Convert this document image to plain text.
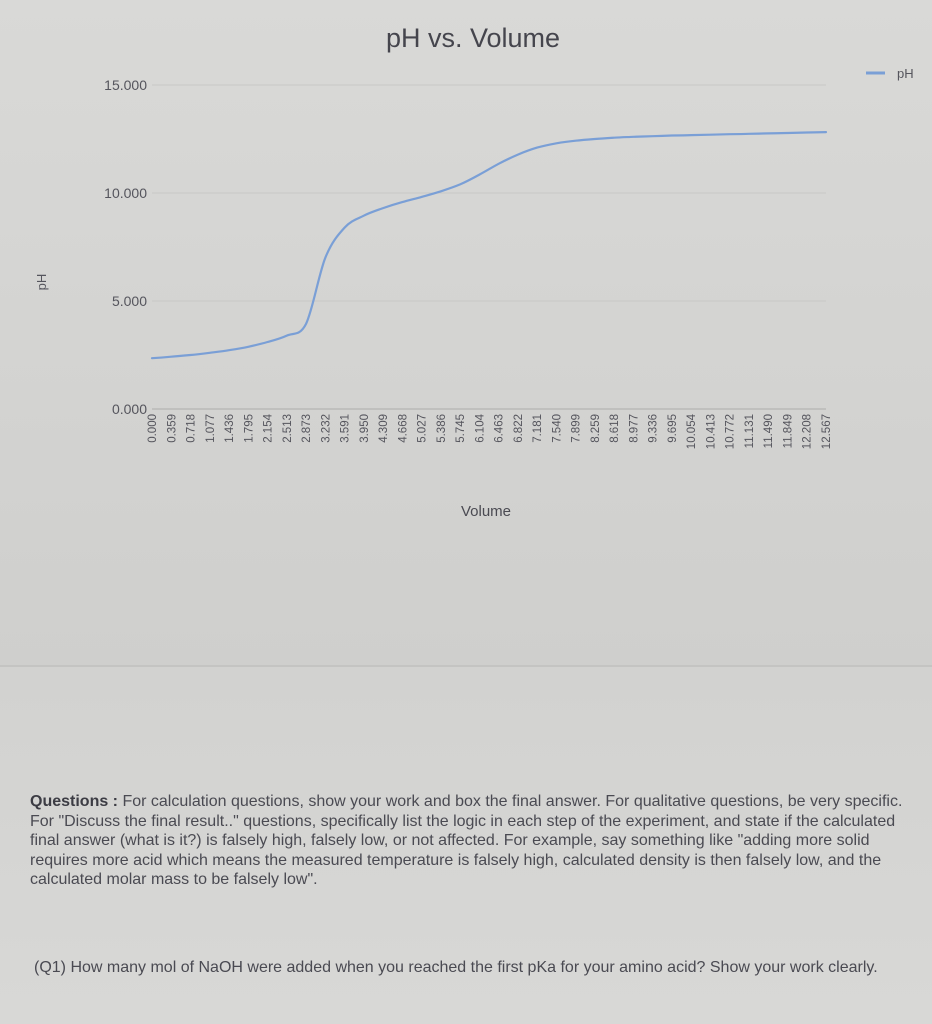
pH vs. Volume
pH
Volume
15.000
10.000
5.000
0.000
0.000 0.359 0.718 1.077 1.436 1.795 2.154 2.513 2.873 3.232 3.591 3.950 4.309 4.668 5.027 5.386 5.745 6.104 6.463 6.822 7.181 7.540 7.899 8.259 8.618 8.977 9.336 9.695 10.054 10.413 10.772 11.131 11.490 11.849 12.208 12.567
pH
Questions : For calculation questions, show your work and box the final answer. For qualitative questions, be very specific. For "Discuss the final result.." questions, specifically list the logic in each step of the experiment, and state if the calculated final answer (what is it?) is falsely high, falsely low, or not affected. For example, say something like "adding more solid requires more acid which means the measured temperature is falsely high, calculated density is then falsely low, and the calculated molar mass to be falsely low".
(Q1) How many mol of NaOH were added when you reached the first pKa for your amino acid? Show your work clearly.
